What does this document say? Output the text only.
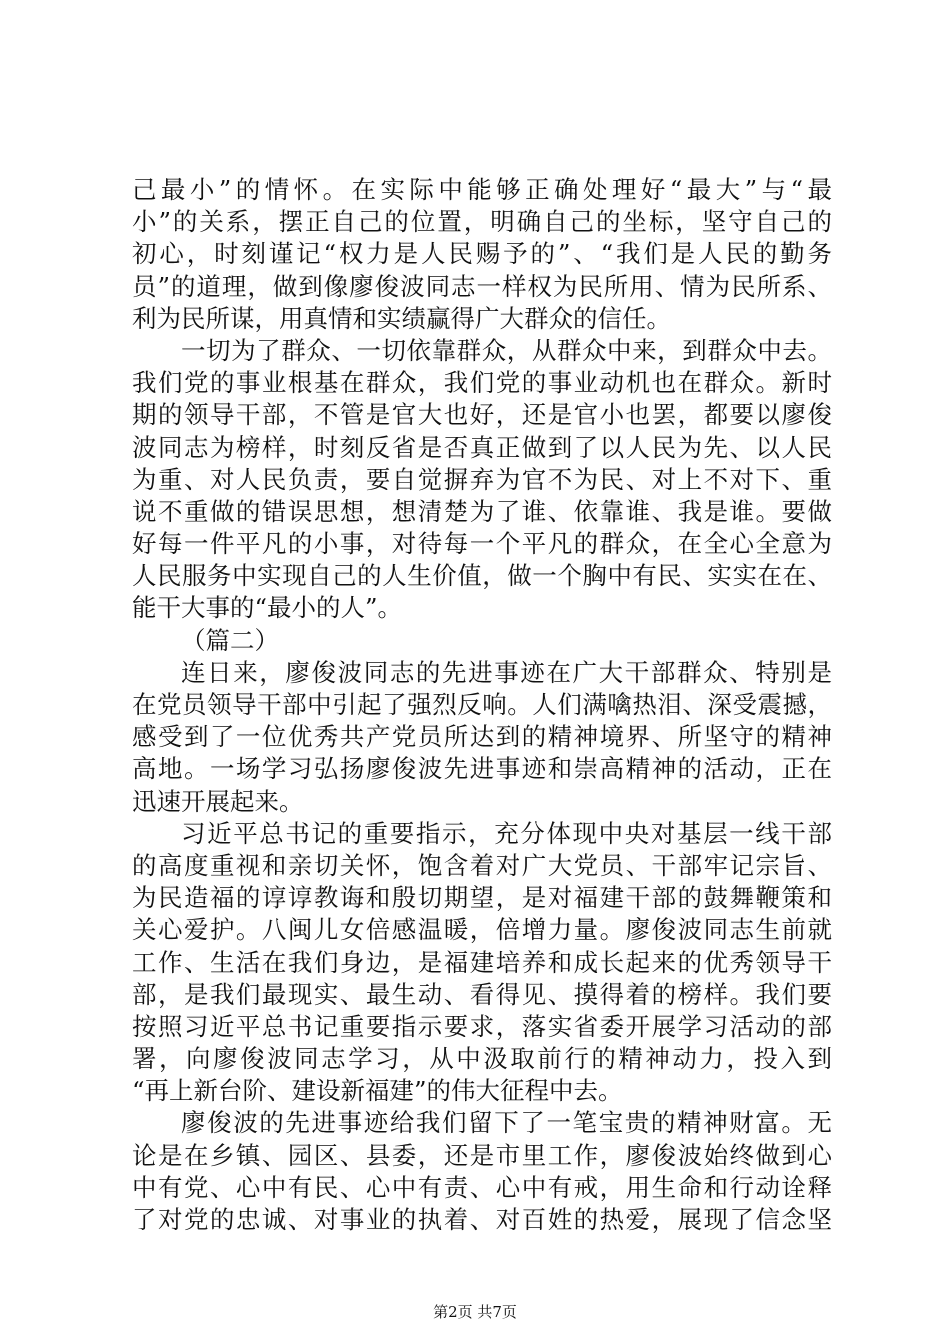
己最小”的情怀。在实际中能够正确处理好“最大”与“最
小”的关系，摆正自己的位置，明确自己的坐标，坚守自己的
初心，时刻谨记“权力是人民赐予的”、“我们是人民的勤务
员”的道理，做到像廖俊波同志一样权为民所用、情为民所系、
利为民所谋，用真情和实绩赢得广大群众的信任。
一切为了群众、一切依靠群众，从群众中来，到群众中去。
我们党的事业根基在群众，我们党的事业动机也在群众。新时
期的领导干部，不管是官大也好，还是官小也罢，都要以廖俊
波同志为榜样，时刻反省是否真正做到了以人民为先、以人民
为重、对人民负责，要自觉摒弃为官不为民、对上不对下、重
说不重做的错误思想，想清楚为了谁、依靠谁、我是谁。要做
好每一件平凡的小事，对待每一个平凡的群众，在全心全意为
人民服务中实现自己的人生价值，做一个胸中有民、实实在在、
能干大事的“最小的人”。
（篇二）
连日来，廖俊波同志的先进事迹在广大干部群众、特别是
在党员领导干部中引起了强烈反响。人们满噙热泪、深受震撼，
感受到了一位优秀共产党员所达到的精神境界、所坚守的精神
高地。一场学习弘扬廖俊波先进事迹和崇高精神的活动，正在
迅速开展起来。
习近平总书记的重要指示，充分体现中央对基层一线干部
的高度重视和亲切关怀，饱含着对广大党员、干部牢记宗旨、
为民造福的谆谆教诲和殷切期望，是对福建干部的鼓舞鞭策和
关心爱护。八闽儿女倍感温暖，倍增力量。廖俊波同志生前就
工作、生活在我们身边，是福建培养和成长起来的优秀领导干
部，是我们最现实、最生动、看得见、摸得着的榜样。我们要
按照习近平总书记重要指示要求，落实省委开展学习活动的部
署，向廖俊波同志学习，从中汲取前行的精神动力，投入到
“再上新台阶、建设新福建”的伟大征程中去。
廖俊波的先进事迹给我们留下了一笔宝贵的精神财富。无
论是在乡镇、园区、县委，还是市里工作，廖俊波始终做到心
中有党、心中有民、心中有责、心中有戒，用生命和行动诠释
了对党的忠诚、对事业的执着、对百姓的热爱，展现了信念坚
第2页 共7页
